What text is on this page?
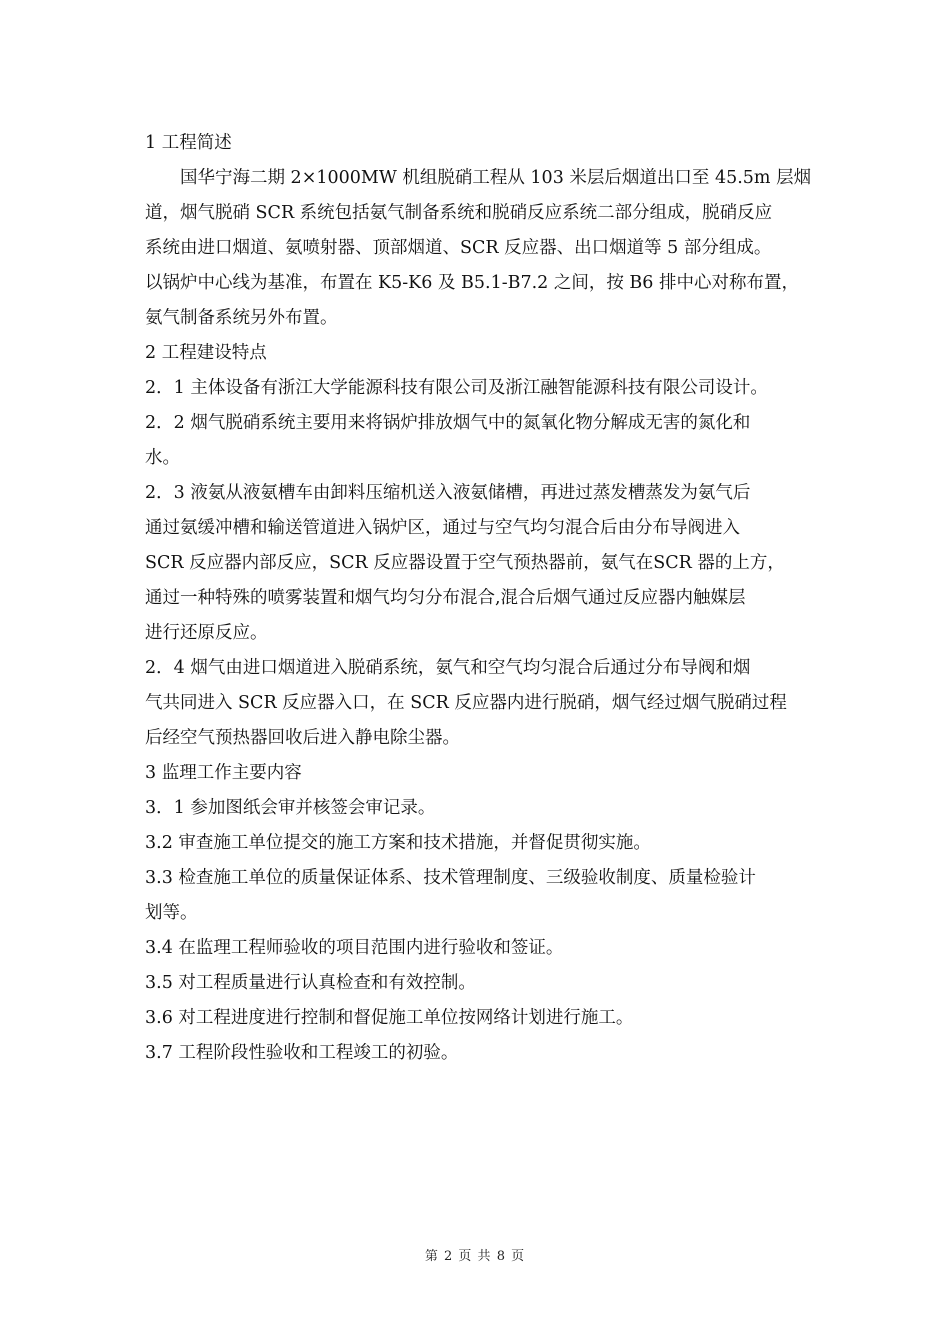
1 工程简述
国华宁海二期 2×1000MW 机组脱硝工程从 103 米层后烟道出口至 45.5m 层烟
道，烟气脱硝 SCR 系统包括氨气制备系统和脱硝反应系统二部分组成，脱硝反应
系统由进口烟道、氨喷射器、顶部烟道、SCR 反应器、出口烟道等 5 部分组成。
以锅炉中心线为基准，布置在 K5-K6 及 B5.1-B7.2 之间，按 B6 排中心对称布置，
氨气制备系统另外布置。
2 工程建设特点
2．1 主体设备有浙江大学能源科技有限公司及浙江融智能源科技有限公司设计。
2．2 烟气脱硝系统主要用来将锅炉排放烟气中的氮氧化物分解成无害的氮化和
水。
2．3 液氨从液氨槽车由卸料压缩机送入液氨储槽，再进过蒸发槽蒸发为氨气后
通过氨缓冲槽和输送管道进入锅炉区，通过与空气均匀混合后由分布导阀进入
SCR 反应器内部反应，SCR 反应器设置于空气预热器前，氨气在SCR 器的上方，
通过一种特殊的喷雾装置和烟气均匀分布混合,混合后烟气通过反应器内触媒层
进行还原反应。
2．4 烟气由进口烟道进入脱硝系统，氨气和空气均匀混合后通过分布导阀和烟
气共同进入 SCR 反应器入口，在 SCR 反应器内进行脱硝，烟气经过烟气脱硝过程
后经空气预热器回收后进入静电除尘器。
3 监理工作主要内容
3．1 参加图纸会审并核签会审记录。
3.2 审查施工单位提交的施工方案和技术措施，并督促贯彻实施。
3.3 检查施工单位的质量保证体系、技术管理制度、三级验收制度、质量检验计
划等。
3.4 在监理工程师验收的项目范围内进行验收和签证。
3.5 对工程质量进行认真检查和有效控制。
3.6 对工程进度进行控制和督促施工单位按网络计划进行施工。
3.7 工程阶段性验收和工程竣工的初验。
第 2 页 共 8 页
